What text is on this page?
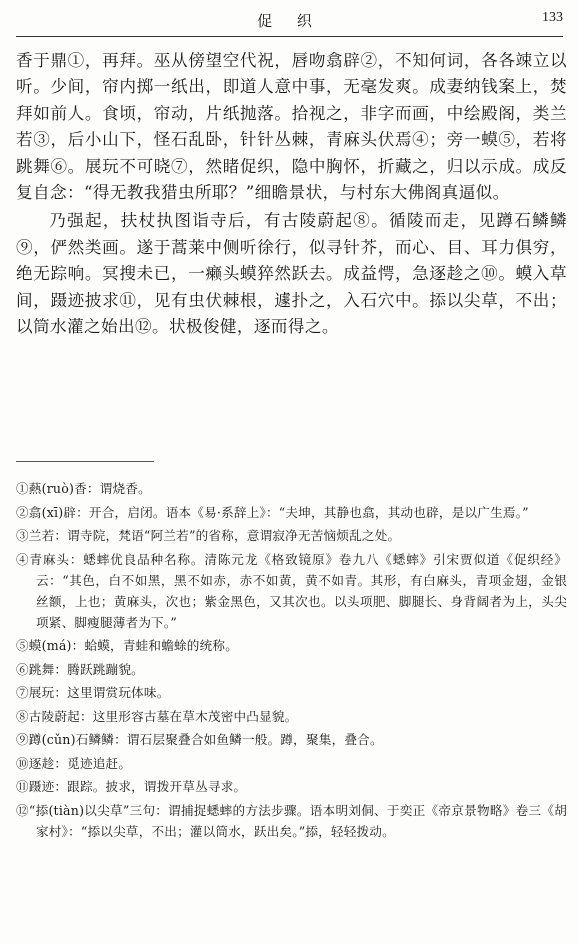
促 织	133

香于鼎①，再拜。巫从傍望空代祝，唇吻翕辟②，不知何词，各各竦立以听。少间，帘内掷一纸出，即道人意中事，无毫发爽。成妻纳钱案上，焚拜如前人。食顷，帘动，片纸抛落。拾视之，非字而画，中绘殿阁，类兰若③，后小山下，怪石乱卧，针针丛棘，青麻头伏焉④；旁一蟆⑤，若将跳舞⑥。展玩不可晓⑦，然睹促织，隐中胸怀，折藏之，归以示成。成反复自念：“得无教我猎虫所耶？”细瞻景状，与村东大佛阁真逼似。

乃强起，扶杖执图诣寺后，有古陵蔚起⑧。循陵而走，见蹲石鳞鳞⑨，俨然类画。遂于蒿莱中侧听徐行，似寻针芥，而心、目、耳力俱穷，绝无踪响。冥搜未已，一癞头蟆猝然跃去。成益愕，急逐趁之⑩。蟆入草间，蹑迹披求⑪，见有虫伏棘根，遽扑之，入石穴中。掭以尖草，不出；以筒水灌之始出⑫。状极俊健，逐而得之。

①爇(ruò)香：谓烧香。

②翕(xī)辟：开合，启闭。语本《易·系辞上》：“夫坤，其静也翕，其动也辟，是以广生焉。”

③兰若：谓寺院，梵语“阿兰若”的省称，意谓寂净无苦恼烦乱之处。

④青麻头：蟋蟀优良品种名称。清陈元龙《格致镜原》卷九八《蟋蟀》引宋贾似道《促织经》云：“其色，白不如黑，黑不如赤，赤不如黄，黄不如青。其形，有白麻头，青项金翅，金银丝额，上也；黄麻头，次也；紫金黑色，又其次也。以头项肥、脚腿长、身背阔者为上，头尖项紧、脚瘦腿薄者为下。”

⑤蟆(má)：蛤蟆，青蛙和蟾蜍的统称。

⑥跳舞：腾跃跳蹦貌。

⑦展玩：这里谓赏玩体味。

⑧古陵蔚起：这里形容古墓在草木茂密中凸显貌。

⑨蹲(cǔn)石鳞鳞：谓石层聚叠合如鱼鳞一般。蹲，聚集，叠合。

⑩逐趁：觅迹追赶。

⑪蹑迹：跟踪。披求，谓拨开草丛寻求。

⑫“掭(tiàn)以尖草”三句：谓捕捉蟋蟀的方法步骤。语本明刘侗、于奕正《帝京景物略》卷三《胡家村》：“掭以尖草，不出；灌以筒水，跃出矣。”掭，轻轻拨动。
